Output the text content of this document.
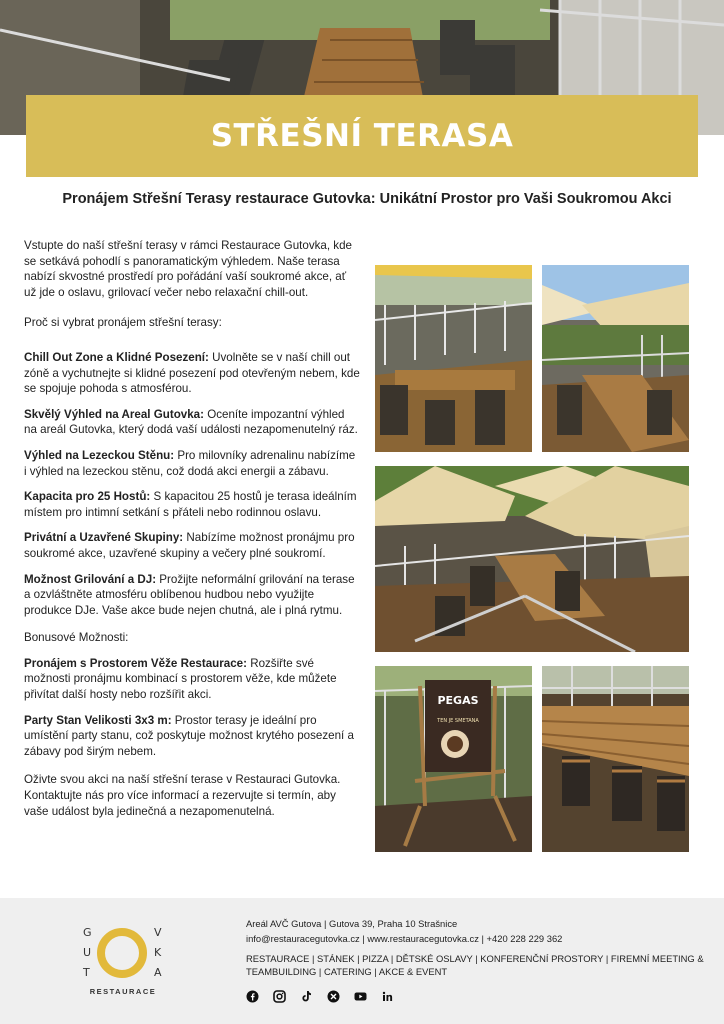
STŘEŠNÍ TERASA
Pronájem Střešní Terasy restaurace Gutovka: Unikátní Prostor pro Vaši Soukromou Akci

Vstupte do naší střešní terasy v rámci Restaurace Gutovka, kde se setkává pohodlí s panoramatickým výhledem. Naše terasa nabízí skvostné prostředí pro pořádání vaší soukromé akce, ať už jde o oslavu, grilovací večer nebo relaxační chill-out.

Proč si vybrat pronájem střešní terasy:

Chill Out Zone a Klidné Posezení: Uvolněte se v naší chill out zóně a vychutnejte si klidné posezení pod otevřeným nebem, kde se spojuje pohoda s atmosférou.

Skvělý Výhled na Areal Gutovka: Oceníte impozantní výhled na areál Gutovka, který dodá vaší události nezapomenutelný ráz.

Výhled na Lezeckou Stěnu: Pro milovníky adrenalinu nabízíme i výhled na lezeckou stěnu, což dodá akci energii a zábavu.

Kapacita pro 25 Hostů: S kapacitou 25 hostů je terasa ideálním místem pro intimní setkání s přáteli nebo rodinnou oslavu.

Privátní a Uzavřené Skupiny: Nabízíme možnost pronájmu pro soukromé akce, uzavřené skupiny a večery plné soukromí.

Možnost Grilování a DJ: Prožijte neformální grilování na terase a ozvláštněte atmosféru oblíbenou hudbou nebo využijte produkce DJe. Vaše akce bude nejen chutná, ale i plná rytmu.

Bonusové Možnosti:

Pronájem s Prostorem Věže Restaurace: Rozšiřte své možnosti pronájmu kombinací s prostorem věže, kde můžete přivítat další hosty nebo rozšířit akci.

Party Stan Velikosti 3x3 m: Prostor terasy je ideální pro umístění party stanu, což poskytuje možnost krytého posezení a zábavy pod širým nebem.

Oživte svou akci na naší střešní terase v Restauraci Gutovka. Kontaktujte nás pro více informací a rezervujte si termín, aby vaše událost byla jedinečná a nezapomenutelná.

PEGAS
TEN JE SMETANA
G
U
T
V
K
A
RESTAURACE
Areál AVČ Gutova | Gutova 39, Praha 10 Strašnice
info@restauracegutovka.cz | www.restauracegutovka.cz | +420 228 229 362
RESTAURACE | STÁNEK | PIZZA | DĚTSKÉ OSLAVY | KONFERENČNÍ PROSTORY | FIREMNÍ MEETING & TEAMBUILDING | CATERING | AKCE & EVENT
